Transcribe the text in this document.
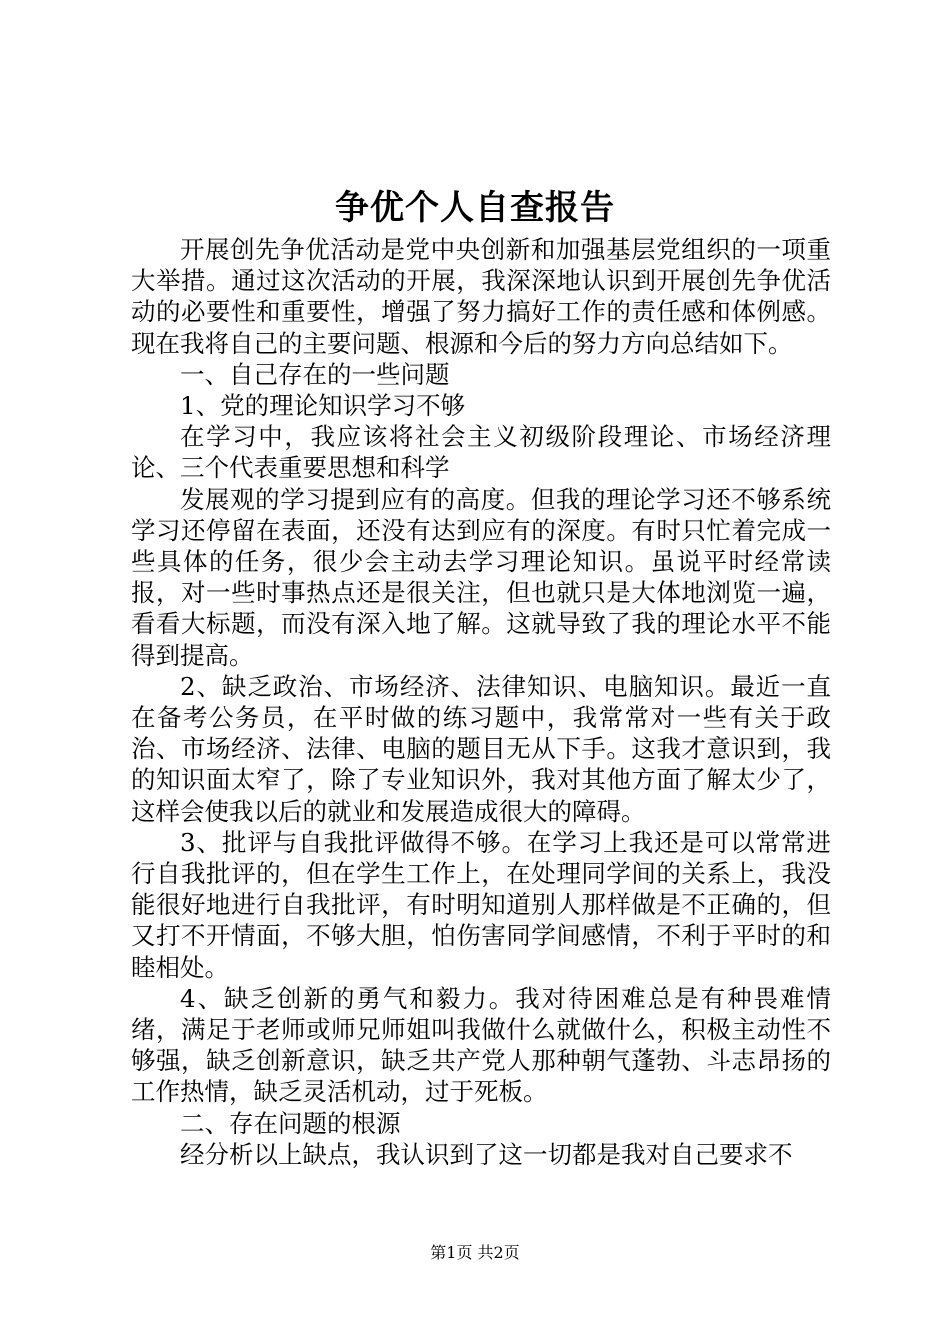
争优个人自查报告

开展创先争优活动是党中央创新和加强基层党组织的一项重大举措。通过这次活动的开展，我深深地认识到开展创先争优活动的必要性和重要性，增强了努力搞好工作的责任感和体例感。现在我将自己的主要问题、根源和今后的努力方向总结如下。

一、自己存在的一些问题

1、党的理论知识学习不够

在学习中，我应该将社会主义初级阶段理论、市场经济理论、三个代表重要思想和科学

发展观的学习提到应有的高度。但我的理论学习还不够系统学习还停留在表面，还没有达到应有的深度。有时只忙着完成一些具体的任务，很少会主动去学习理论知识。虽说平时经常读报，对一些时事热点还是很关注，但也就只是大体地浏览一遍，看看大标题，而没有深入地了解。这就导致了我的理论水平不能得到提高。

2、缺乏政治、市场经济、法律知识、电脑知识。最近一直在备考公务员，在平时做的练习题中，我常常对一些有关于政治、市场经济、法律、电脑的题目无从下手。这我才意识到，我的知识面太窄了，除了专业知识外，我对其他方面了解太少了，这样会使我以后的就业和发展造成很大的障碍。

3、批评与自我批评做得不够。在学习上我还是可以常常进行自我批评的，但在学生工作上，在处理同学间的关系上，我没能很好地进行自我批评，有时明知道别人那样做是不正确的，但又打不开情面，不够大胆，怕伤害同学间感情，不利于平时的和睦相处。

4、缺乏创新的勇气和毅力。我对待困难总是有种畏难情绪，满足于老师或师兄师姐叫我做什么就做什么，积极主动性不够强，缺乏创新意识，缺乏共产党人那种朝气蓬勃、斗志昂扬的工作热情，缺乏灵活机动，过于死板。

二、存在问题的根源

经分析以上缺点，我认识到了这一切都是我对自己要求不

第1页 共2页
